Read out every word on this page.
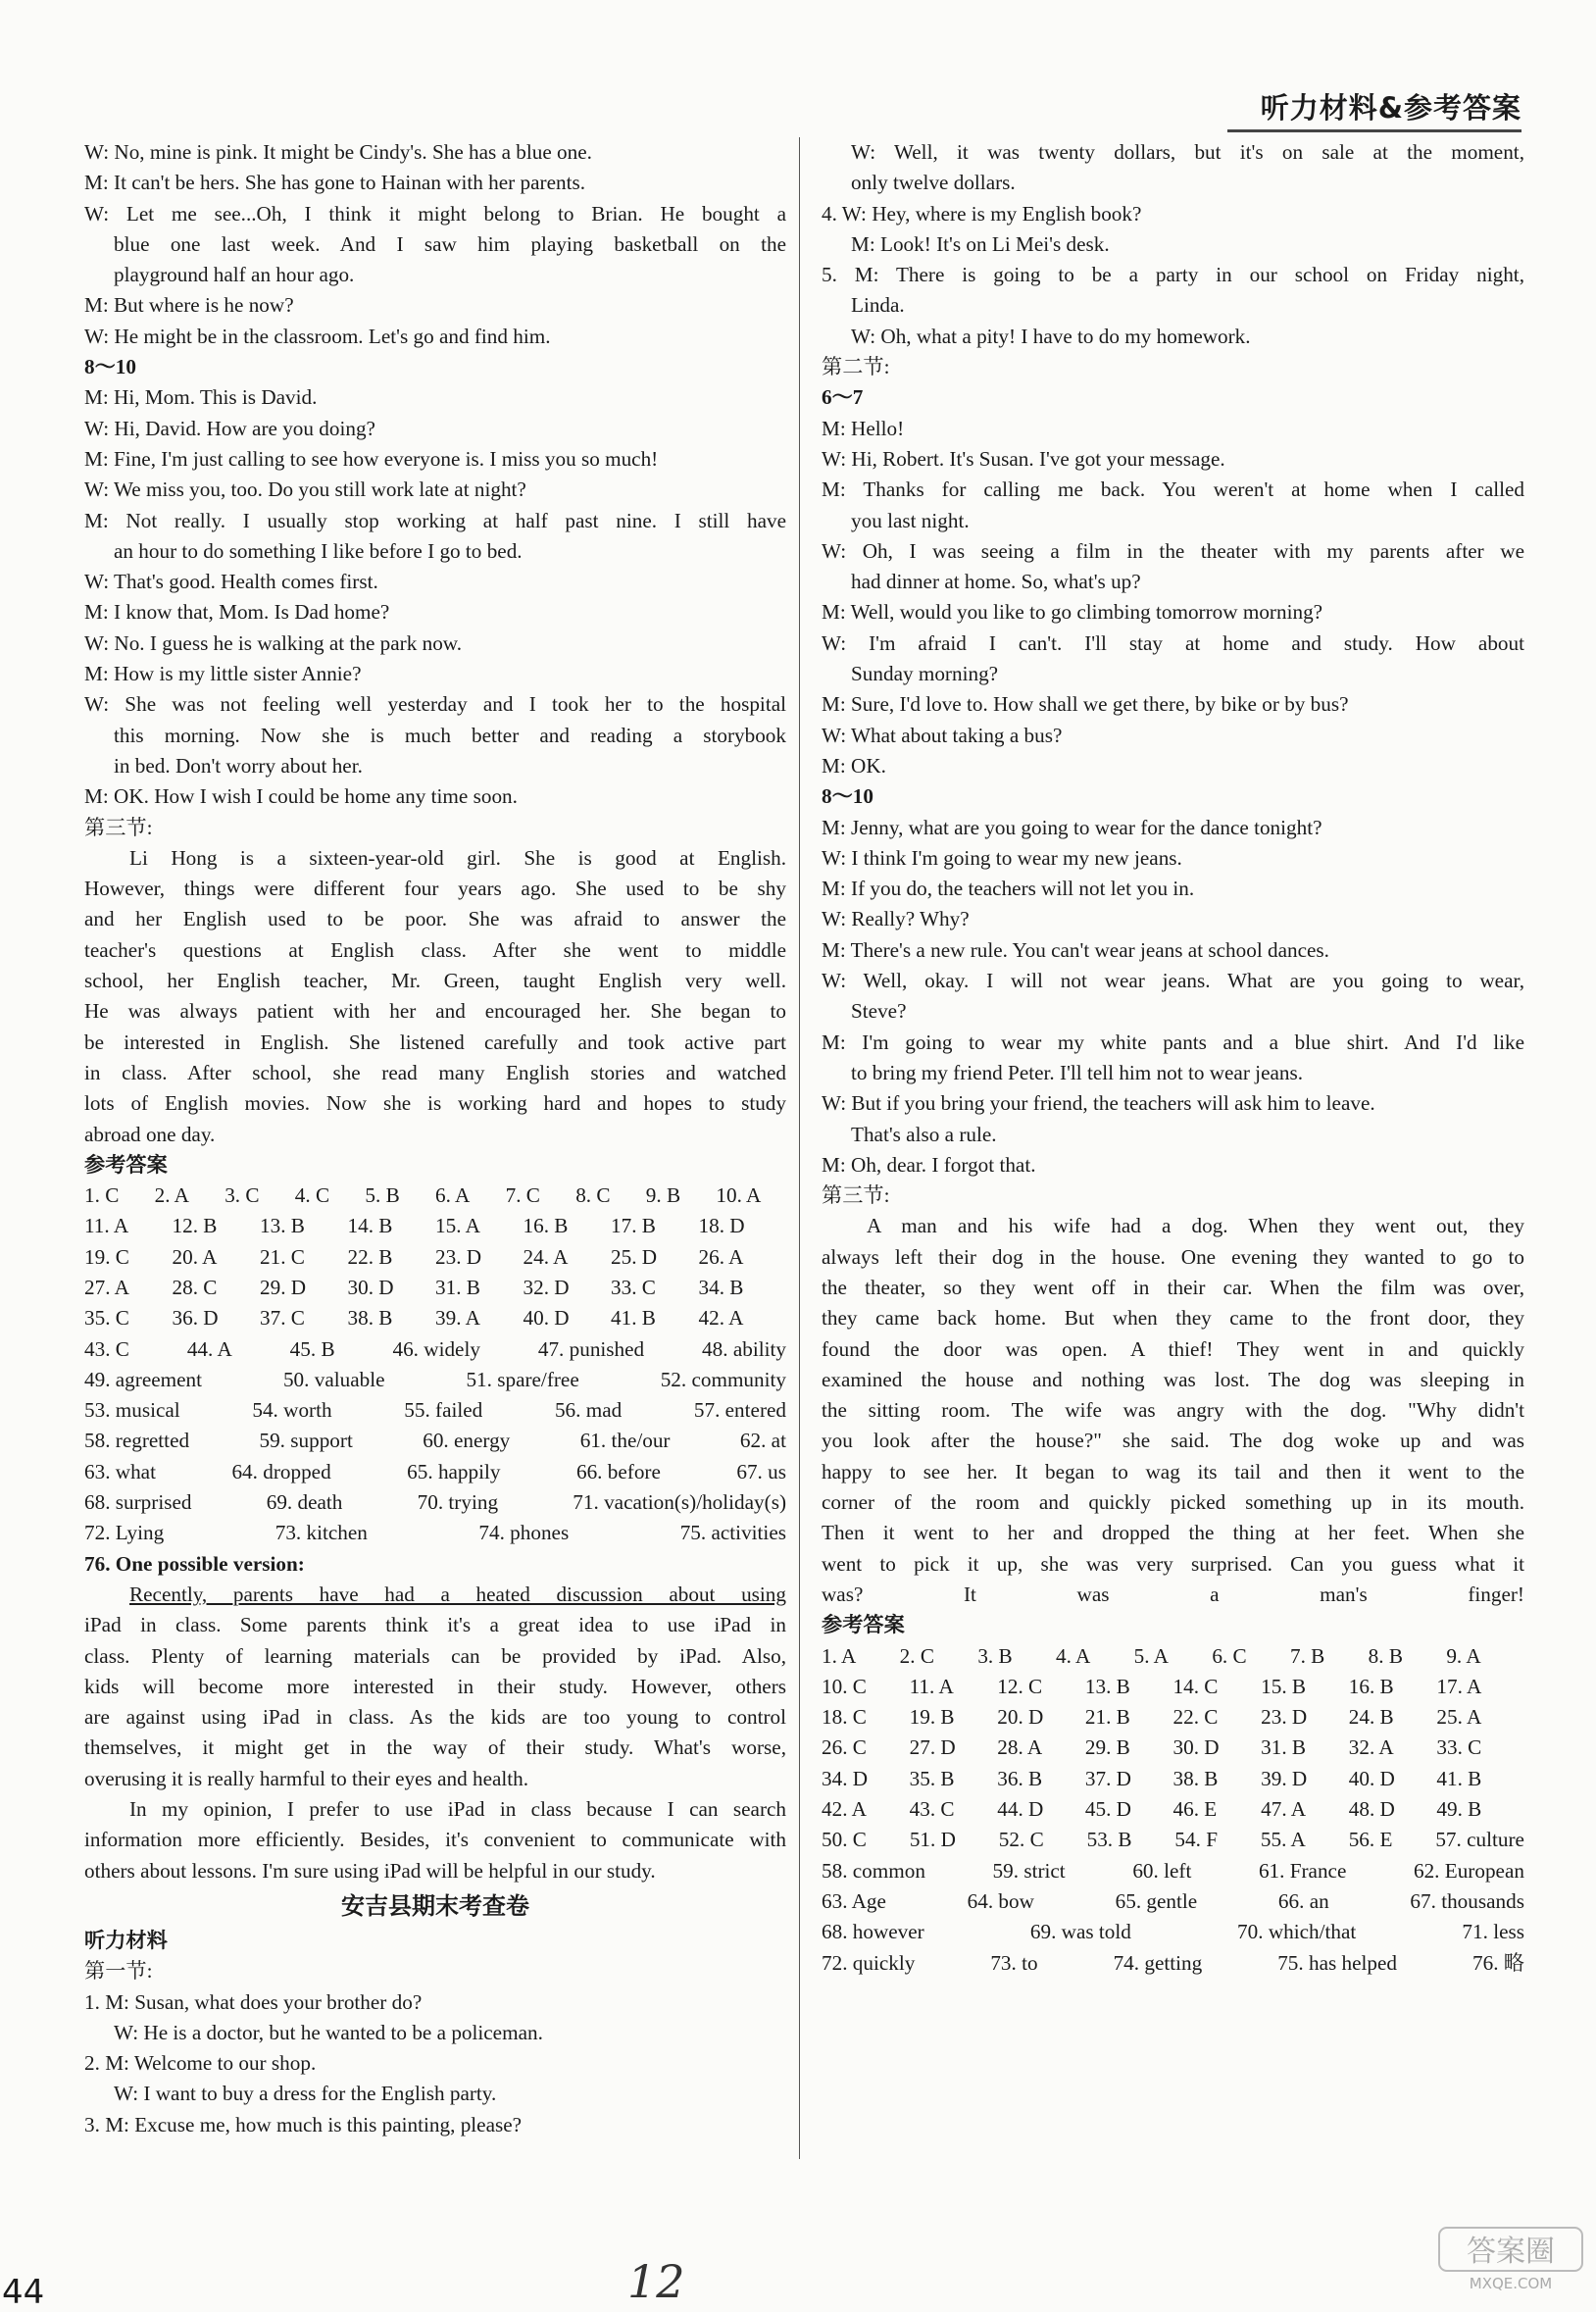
听力材料&参考答案
W: No, mine is pink. It might be Cindy's. She has a blue one.
M: It can't be hers. She has gone to Hainan with her parents.
W: Let me see...Oh, I think it might belong to Brian. He bought a
blue one last week. And I saw him playing basketball on the
playground half an hour ago.
M: But where is he now?
W: He might be in the classroom. Let's go and find him.
8～10
M: Hi, Mom. This is David.
W: Hi, David. How are you doing?
M: Fine, I'm just calling to see how everyone is. I miss you so much!
W: We miss you, too. Do you still work late at night?
M: Not really. I usually stop working at half past nine. I still have
an hour to do something I like before I go to bed.
W: That's good. Health comes first.
M: I know that, Mom. Is Dad home?
W: No. I guess he is walking at the park now.
M: How is my little sister Annie?
W: She was not feeling well yesterday and I took her to the hospital
this morning. Now she is much better and reading a storybook
in bed. Don't worry about her.
M: OK. How I wish I could be home any time soon.
第三节:
Li Hong is a sixteen-year-old girl. She is good at English.
However, things were different four years ago. She used to be shy
and her English used to be poor. She was afraid to answer the
teacher's questions at English class. After she went to middle
school, her English teacher, Mr. Green, taught English very well.
He was always patient with her and encouraged her. She began to
be interested in English. She listened carefully and took active part
in class. After school, she read many English stories and watched
lots of English movies. Now she is working hard and hopes to study
abroad one day.
参考答案
1. C	2. A	3. C	4. C	5. B	6. A	7. C	8. C	9. B	10. A
11. A	12. B	13. B	14. B	15. A	16. B	17. B	18. D
19. C	20. A	21. C	22. B	23. D	24. A	25. D	26. A
27. A	28. C	29. D	30. D	31. B	32. D	33. C	34. B
35. C	36. D	37. C	38. B	39. A	40. D	41. B	42. A
43. C	44. A	45. B	46. widely	47. punished	48. ability
49. agreement	50. valuable	51. spare/free	52. community
53. musical	54. worth	55. failed	56. mad	57. entered
58. regretted	59. support	60. energy	61. the/our	62. at
63. what	64. dropped	65. happily	66. before	67. us
68. surprised	69. death	70. trying	71. vacation(s)/holiday(s)
72. Lying	73. kitchen	74. phones	75. activities
76. One possible version:
Recently, parents have had a heated discussion about using
iPad in class. Some parents think it's a great idea to use iPad in
class. Plenty of learning materials can be provided by iPad. Also,
kids will become more interested in their study. However, others
are against using iPad in class. As the kids are too young to control
themselves, it might get in the way of their study. What's worse,
overusing it is really harmful to their eyes and health.
In my opinion, I prefer to use iPad in class because I can search
information more efficiently. Besides, it's convenient to communicate with
others about lessons. I'm sure using iPad will be helpful in our study.
安吉县期末考查卷
听力材料
第一节:
1. M: Susan, what does your brother do?
W: He is a doctor, but he wanted to be a policeman.
2. M: Welcome to our shop.
W: I want to buy a dress for the English party.
3. M: Excuse me, how much is this painting, please?
W: Well, it was twenty dollars, but it's on sale at the moment,
only twelve dollars.
4. W: Hey, where is my English book?
M: Look! It's on Li Mei's desk.
5. M: There is going to be a party in our school on Friday night,
Linda.
W: Oh, what a pity! I have to do my homework.
第二节:
6～7
M: Hello!
W: Hi, Robert. It's Susan. I've got your message.
M: Thanks for calling me back. You weren't at home when I called
you last night.
W: Oh, I was seeing a film in the theater with my parents after we
had dinner at home. So, what's up?
M: Well, would you like to go climbing tomorrow morning?
W: I'm afraid I can't. I'll stay at home and study. How about
Sunday morning?
M: Sure, I'd love to. How shall we get there, by bike or by bus?
W: What about taking a bus?
M: OK.
8～10
M: Jenny, what are you going to wear for the dance tonight?
W: I think I'm going to wear my new jeans.
M: If you do, the teachers will not let you in.
W: Really? Why?
M: There's a new rule. You can't wear jeans at school dances.
W: Well, okay. I will not wear jeans. What are you going to wear,
Steve?
M: I'm going to wear my white pants and a blue shirt. And I'd like
to bring my friend Peter. I'll tell him not to wear jeans.
W: But if you bring your friend, the teachers will ask him to leave.
That's also a rule.
M: Oh, dear. I forgot that.
第三节:
A man and his wife had a dog. When they went out, they
always left their dog in the house. One evening they wanted to go to
the theater, so they went off in their car. When the film was over,
they came back home. But when they came to the front door, they
found the door was open. A thief! They went in and quickly
examined the house and nothing was lost. The dog was sleeping in
the sitting room. The wife was angry with the dog. "Why didn't
you look after the house?" she said. The dog woke up and was
happy to see her. It began to wag its tail and then it went to the
corner of the room and quickly picked something up in its mouth.
Then it went to her and dropped the thing at her feet. When she
went to pick it up, she was very surprised. Can you guess what it
was? It was a man's finger!
参考答案
1. A	2. C	3. B	4. A	5. A	6. C	7. B	8. B	9. A
10. C	11. A	12. C	13. B	14. C	15. B	16. B	17. A
18. C	19. B	20. D	21. B	22. C	23. D	24. B	25. A
26. C	27. D	28. A	29. B	30. D	31. B	32. A	33. C
34. D	35. B	36. B	37. D	38. B	39. D	40. D	41. B
42. A	43. C	44. D	45. D	46. E	47. A	48. D	49. B
50. C 51. D 52. C 53. B 54. F 55. A 56. E 57. culture
58. common	59. strict	60. left	61. France	62. European
63. Age	64. bow	65. gentle	66. an	67. thousands
68. however	69. was told	70. which/that	71. less
72. quickly	73. to	74. getting	75. has helped	76. 略
44	12
答案圈
MXQE.COM
